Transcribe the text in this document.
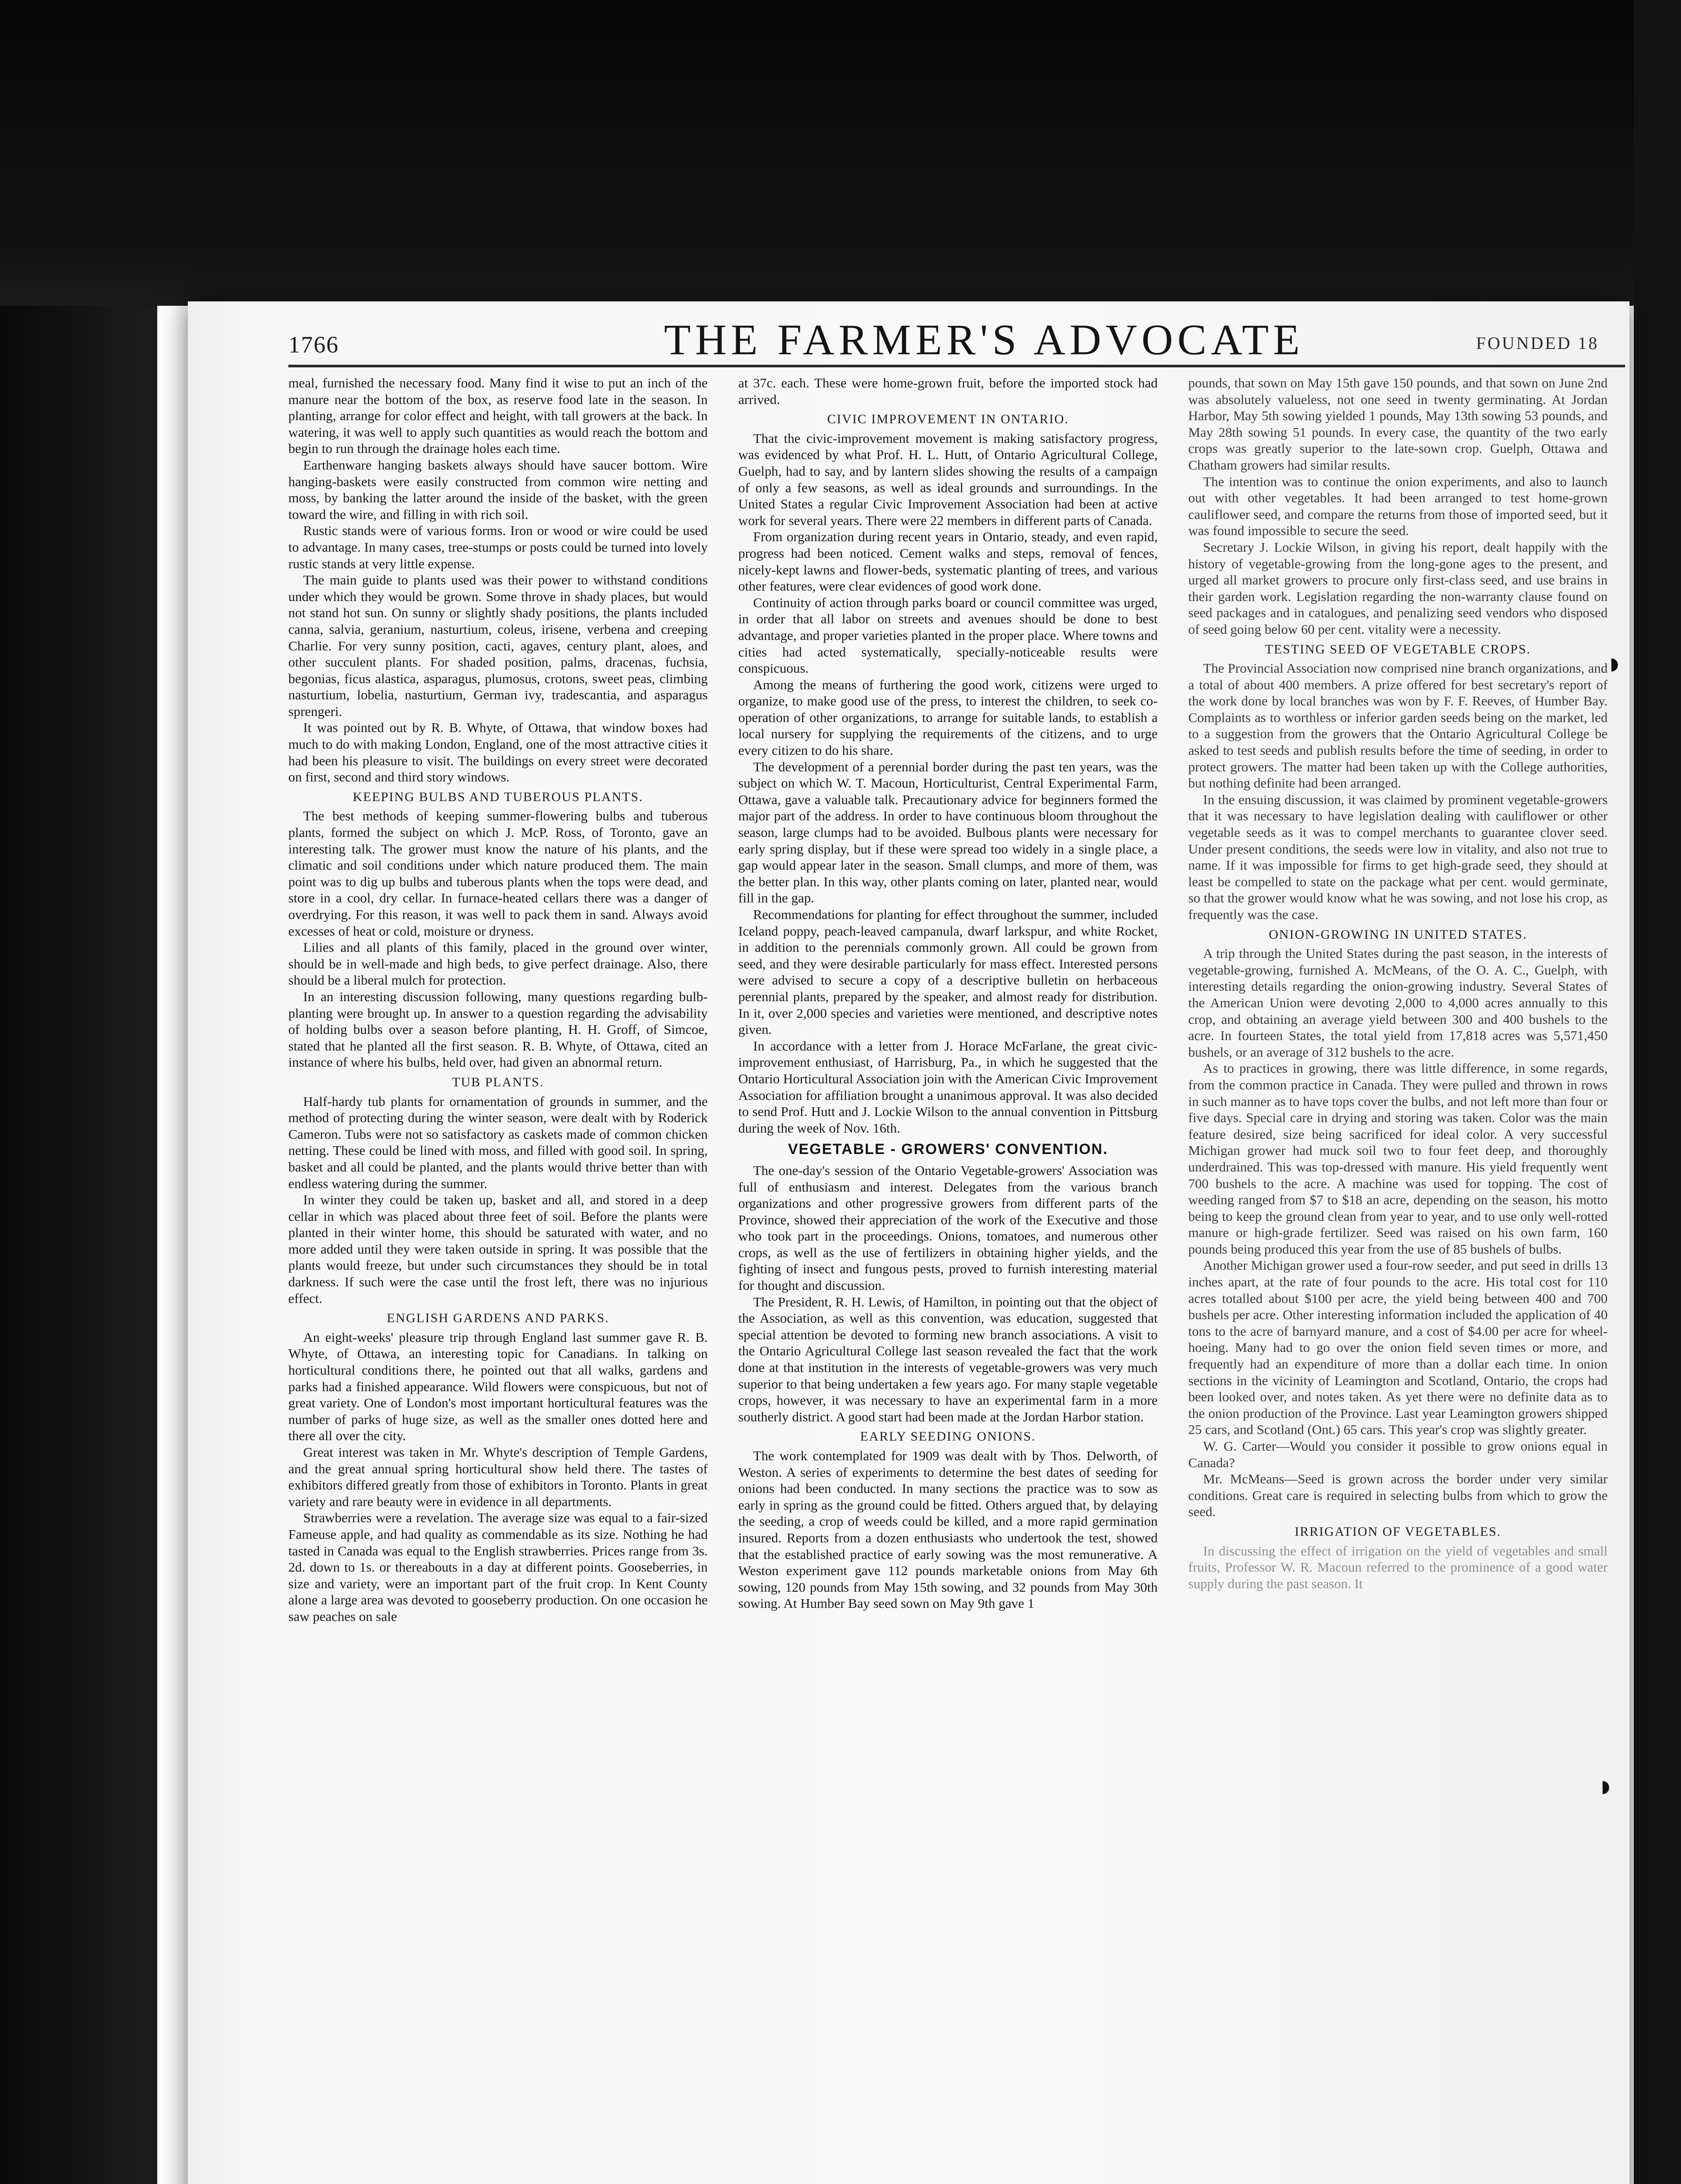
1766	THE FARMER'S ADVOCATE	FOUNDED 18

meal, furnished the necessary food. Many find it wise to put an inch of the manure near the bottom of the box, as reserve food late in the season. In planting, arrange for color effect and height, with tall growers at the back. In watering, it was well to apply such quantities as would reach the bottom and begin to run through the drainage holes each time.

Earthenware hanging baskets always should have saucer bottom. Wire hanging-baskets were easily constructed from common wire netting and moss, by banking the latter around the inside of the basket, with the green toward the wire, and filling in with rich soil.

Rustic stands were of various forms. Iron or wood or wire could be used to advantage. In many cases, tree-stumps or posts could be turned into lovely rustic stands at very little expense.

The main guide to plants used was their power to withstand conditions under which they would be grown. Some throve in shady places, but would not stand hot sun. On sunny or slightly shady positions, the plants included canna, salvia, geranium, nasturtium, coleus, irisene, verbena and creeping Charlie. For very sunny position, cacti, agaves, century plant, aloes, and other succulent plants. For shaded position, palms, dracenas, fuchsia, begonias, ficus alastica, asparagus, plumosus, crotons, sweet peas, climbing nasturtium, lobelia, nasturtium, German ivy, tradescantia, and asparagus sprengeri.

It was pointed out by R. B. Whyte, of Ottawa, that window boxes had much to do with making London, England, one of the most attractive cities it had been his pleasure to visit. The buildings on every street were decorated on first, second and third story windows.

KEEPING BULBS AND TUBEROUS PLANTS.

The best methods of keeping summer-flowering bulbs and tuberous plants, formed the subject on which J. McP. Ross, of Toronto, gave an interesting talk. The grower must know the nature of his plants, and the climatic and soil conditions under which nature produced them. The main point was to dig up bulbs and tuberous plants when the tops were dead, and store in a cool, dry cellar. In furnace-heated cellars there was a danger of overdrying. For this reason, it was well to pack them in sand. Always avoid excesses of heat or cold, moisture or dryness.

Lilies and all plants of this family, placed in the ground over winter, should be in well-made and high beds, to give perfect drainage. Also, there should be a liberal mulch for protection.

In an interesting discussion following, many questions regarding bulb-planting were brought up. In answer to a question regarding the advisability of holding bulbs over a season before planting, H. H. Groff, of Simcoe, stated that he planted all the first season. R. B. Whyte, of Ottawa, cited an instance of where his bulbs, held over, had given an abnormal return.

TUB PLANTS.

Half-hardy tub plants for ornamentation of grounds in summer, and the method of protecting during the winter season, were dealt with by Roderick Cameron. Tubs were not so satisfactory as caskets made of common chicken netting. These could be lined with moss, and filled with good soil. In spring, basket and all could be planted, and the plants would thrive better than with endless watering during the summer.

In winter they could be taken up, basket and all, and stored in a deep cellar in which was placed about three feet of soil. Before the plants were planted in their winter home, this should be saturated with water, and no more added until they were taken outside in spring. It was possible that the plants would freeze, but under such circumstances they should be in total darkness. If such were the case until the frost left, there was no injurious effect.

ENGLISH GARDENS AND PARKS.

An eight-weeks' pleasure trip through England last summer gave R. B. Whyte, of Ottawa, an interesting topic for Canadians. In talking on horticultural conditions there, he pointed out that all walks, gardens and parks had a finished appearance. Wild flowers were conspicuous, but not of great variety. One of London's most important horticultural features was the number of parks of huge size, as well as the smaller ones dotted here and there all over the city.

Great interest was taken in Mr. Whyte's description of Temple Gardens, and the great annual spring horticultural show held there. The tastes of exhibitors differed greatly from those of exhibitors in Toronto. Plants in great variety and rare beauty were in evidence in all departments.

Strawberries were a revelation. The average size was equal to a fair-sized Fameuse apple, and had quality as commendable as its size. Nothing he had tasted in Canada was equal to the English strawberries. Prices range from 3s. 2d. down to 1s. or thereabouts in a day at different points. Gooseberries, in size and variety, were an important part of the fruit crop. In Kent County alone a large area was devoted to gooseberry production. On one occasion he saw peaches on sale

at 37c. each. These were home-grown fruit, before the imported stock had arrived.

CIVIC IMPROVEMENT IN ONTARIO.

That the civic-improvement movement is making satisfactory progress, was evidenced by what Prof. H. L. Hutt, of Ontario Agricultural College, Guelph, had to say, and by lantern slides showing the results of a campaign of only a few seasons, as well as ideal grounds and surroundings. In the United States a regular Civic Improvement Association had been at active work for several years. There were 22 members in different parts of Canada.

From organization during recent years in Ontario, steady, and even rapid, progress had been noticed. Cement walks and steps, removal of fences, nicely-kept lawns and flower-beds, systematic planting of trees, and various other features, were clear evidences of good work done.

Continuity of action through parks board or council committee was urged, in order that all labor on streets and avenues should be done to best advantage, and proper varieties planted in the proper place. Where towns and cities had acted systematically, specially-noticeable results were conspicuous.

Among the means of furthering the good work, citizens were urged to organize, to make good use of the press, to interest the children, to seek co-operation of other organizations, to arrange for suitable lands, to establish a local nursery for supplying the requirements of the citizens, and to urge every citizen to do his share.

The development of a perennial border during the past ten years, was the subject on which W. T. Macoun, Horticulturist, Central Experimental Farm, Ottawa, gave a valuable talk. Precautionary advice for beginners formed the major part of the address. In order to have continuous bloom throughout the season, large clumps had to be avoided. Bulbous plants were necessary for early spring display, but if these were spread too widely in a single place, a gap would appear later in the season. Small clumps, and more of them, was the better plan. In this way, other plants coming on later, planted near, would fill in the gap.

Recommendations for planting for effect throughout the summer, included Iceland poppy, peach-leaved campanula, dwarf larkspur, and white Rocket, in addition to the perennials commonly grown. All could be grown from seed, and they were desirable particularly for mass effect. Interested persons were advised to secure a copy of a descriptive bulletin on herbaceous perennial plants, prepared by the speaker, and almost ready for distribution. In it, over 2,000 species and varieties were mentioned, and descriptive notes given.

In accordance with a letter from J. Horace McFarlane, the great civic-improvement enthusiast, of Harrisburg, Pa., in which he suggested that the Ontario Horticultural Association join with the American Civic Improvement Association for affiliation brought a unanimous approval. It was also decided to send Prof. Hutt and J. Lockie Wilson to the annual convention in Pittsburg during the week of Nov. 16th.

VEGETABLE - GROWERS' CONVENTION.

The one-day's session of the Ontario Vegetable-growers' Association was full of enthusiasm and interest. Delegates from the various branch organizations and other progressive growers from different parts of the Province, showed their appreciation of the work of the Executive and those who took part in the proceedings. Onions, tomatoes, and numerous other crops, as well as the use of fertilizers in obtaining higher yields, and the fighting of insect and fungous pests, proved to furnish interesting material for thought and discussion.

The President, R. H. Lewis, of Hamilton, in pointing out that the object of the Association, as well as this convention, was education, suggested that special attention be devoted to forming new branch associations. A visit to the Ontario Agricultural College last season revealed the fact that the work done at that institution in the interests of vegetable-growers was very much superior to that being undertaken a few years ago. For many staple vegetable crops, however, it was necessary to have an experimental farm in a more southerly district. A good start had been made at the Jordan Harbor station.

EARLY SEEDING ONIONS.

The work contemplated for 1909 was dealt with by Thos. Delworth, of Weston. A series of experiments to determine the best dates of seeding for onions had been conducted. In many sections the practice was to sow as early in spring as the ground could be fitted. Others argued that, by delaying the seeding, a crop of weeds could be killed, and a more rapid germination insured. Reports from a dozen enthusiasts who undertook the test, showed that the established practice of early sowing was the most remunerative. A Weston experiment gave 112 pounds marketable onions from May 6th sowing, 120 pounds from May 15th sowing, and 32 pounds from May 30th sowing. At Humber Bay seed sown on May 9th gave 1

pounds, that sown on May 15th gave 150 pounds, and that sown on June 2nd was absolutely valueless, not one seed in twenty germinating. At Jordan Harbor, May 5th sowing yielded 1 pounds, May 13th sowing 53 pounds, and May 28th sowing 51 pounds. In every case, the quantity of the two early crops was greatly superior to the late-sown crop. Guelph, Ottawa and Chatham growers had similar results.

The intention was to continue the onion experiments, and also to launch out with other vegetables. It had been arranged to test home-grown cauliflower seed, and compare the returns from those of imported seed, but it was found impossible to secure the seed.

Secretary J. Lockie Wilson, in giving his report, dealt happily with the history of vegetable-growing from the long-gone ages to the present, and urged all market growers to procure only first-class seed, and use brains in their garden work. Legislation regarding the non-warranty clause found on seed packages and in catalogues, and penalizing seed vendors who disposed of seed going below 60 per cent. vitality were a necessity.

TESTING SEED OF VEGETABLE CROPS.

The Provincial Association now comprised nine branch organizations, and a total of about 400 members. A prize offered for best secretary's report of the work done by local branches was won by F. F. Reeves, of Humber Bay. Complaints as to worthless or inferior garden seeds being on the market, led to a suggestion from the growers that the Ontario Agricultural College be asked to test seeds and publish results before the time of seeding, in order to protect growers. The matter had been taken up with the College authorities, but nothing definite had been arranged.

In the ensuing discussion, it was claimed by prominent vegetable-growers that it was necessary to have legislation dealing with cauliflower or other vegetable seeds as it was to compel merchants to guarantee clover seed. Under present conditions, the seeds were low in vitality, and also not true to name. If it was impossible for firms to get high-grade seed, they should at least be compelled to state on the package what per cent. would germinate, so that the grower would know what he was sowing, and not lose his crop, as frequently was the case.

ONION-GROWING IN UNITED STATES.

A trip through the United States during the past season, in the interests of vegetable-growing, furnished A. McMeans, of the O. A. C., Guelph, with interesting details regarding the onion-growing industry. Several States of the American Union were devoting 2,000 to 4,000 acres annually to this crop, and obtaining an average yield between 300 and 400 bushels to the acre. In fourteen States, the total yield from 17,818 acres was 5,571,450 bushels, or an average of 312 bushels to the acre.

As to practices in growing, there was little difference, in some regards, from the common practice in Canada. They were pulled and thrown in rows in such manner as to have tops cover the bulbs, and not left more than four or five days. Special care in drying and storing was taken. Color was the main feature desired, size being sacrificed for ideal color. A very successful Michigan grower had muck soil two to four feet deep, and thoroughly underdrained. This was top-dressed with manure. His yield frequently went 700 bushels to the acre. A machine was used for topping. The cost of weeding ranged from $7 to $18 an acre, depending on the season, his motto being to keep the ground clean from year to year, and to use only well-rotted manure or high-grade fertilizer. Seed was raised on his own farm, 160 pounds being produced this year from the use of 85 bushels of bulbs.

Another Michigan grower used a four-row seeder, and put seed in drills 13 inches apart, at the rate of four pounds to the acre. His total cost for 110 acres totalled about $100 per acre, the yield being between 400 and 700 bushels per acre. Other interesting information included the application of 40 tons to the acre of barnyard manure, and a cost of $4.00 per acre for wheel-hoeing. Many had to go over the onion field seven times or more, and frequently had an expenditure of more than a dollar each time. In onion sections in the vicinity of Leamington and Scotland, Ontario, the crops had been looked over, and notes taken. As yet there were no definite data as to the onion production of the Province. Last year Leamington growers shipped 25 cars, and Scotland (Ont.) 65 cars. This year's crop was slightly greater.

W. G. Carter—Would you consider it possible to grow onions equal in Canada?

Mr. McMeans—Seed is grown across the border under very similar conditions. Great care is required in selecting bulbs from which to grow the seed.

IRRIGATION OF VEGETABLES.

In discussing the effect of irrigation on the yield of vegetables and small fruits, Professor W. R. Macoun referred to the prominence of a good water supply during the past season. It

◗
◗
